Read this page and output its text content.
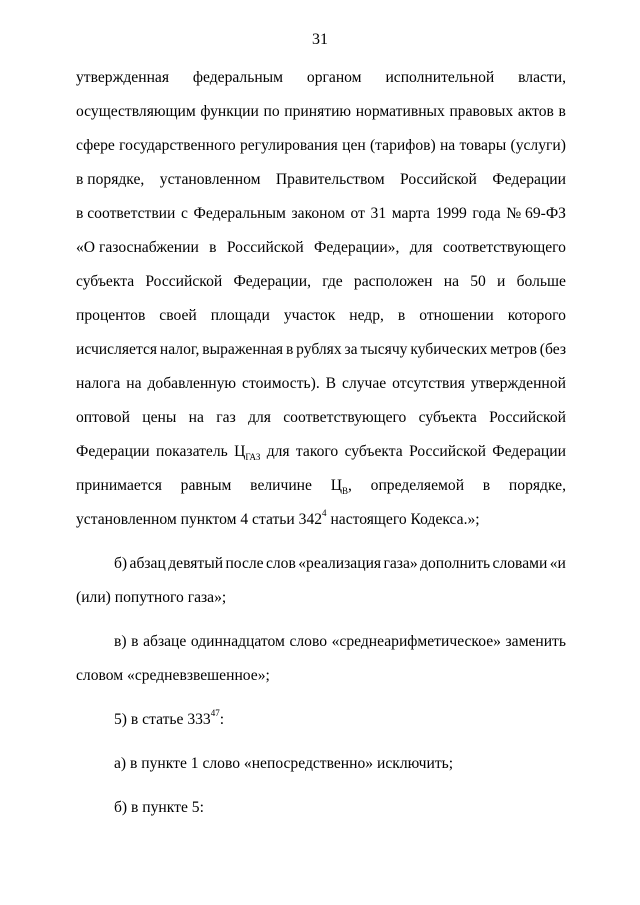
31
утвержденная федеральным органом исполнительной власти,
осуществляющим функции по принятию нормативных правовых актов в
сфере государственного регулирования цен (тарифов) на товары (услуги)
в порядке, установленном Правительством Российской Федерации
в соответствии с Федеральным законом от 31 марта 1999 года № 69-ФЗ
«О газоснабжении в Российской Федерации», для соответствующего
субъекта Российской Федерации, где расположен на 50 и больше
процентов своей площади участок недр, в отношении которого
исчисляется налог, выраженная в рублях за тысячу кубических метров (без
налога на добавленную стоимость). В случае отсутствия утвержденной
оптовой цены на газ для соответствующего субъекта Российской
Федерации показатель $Ц_{ГАЗ}$ для такого субъекта Российской Федерации
принимается равным величине $Ц_В$, определяемой в порядке,
установленном пунктом 4 статьи $342^4$ настоящего Кодекса.»;
б) абзац девятый после слов «реализация газа» дополнить словами «и
(или) попутного газа»;
в) в абзаце одиннадцатом слово «среднеарифметическое» заменить
словом «средневзвешенное»;
5) в статье $333^{47}$:
а) в пункте 1 слово «непосредственно» исключить;
б) в пункте 5:
